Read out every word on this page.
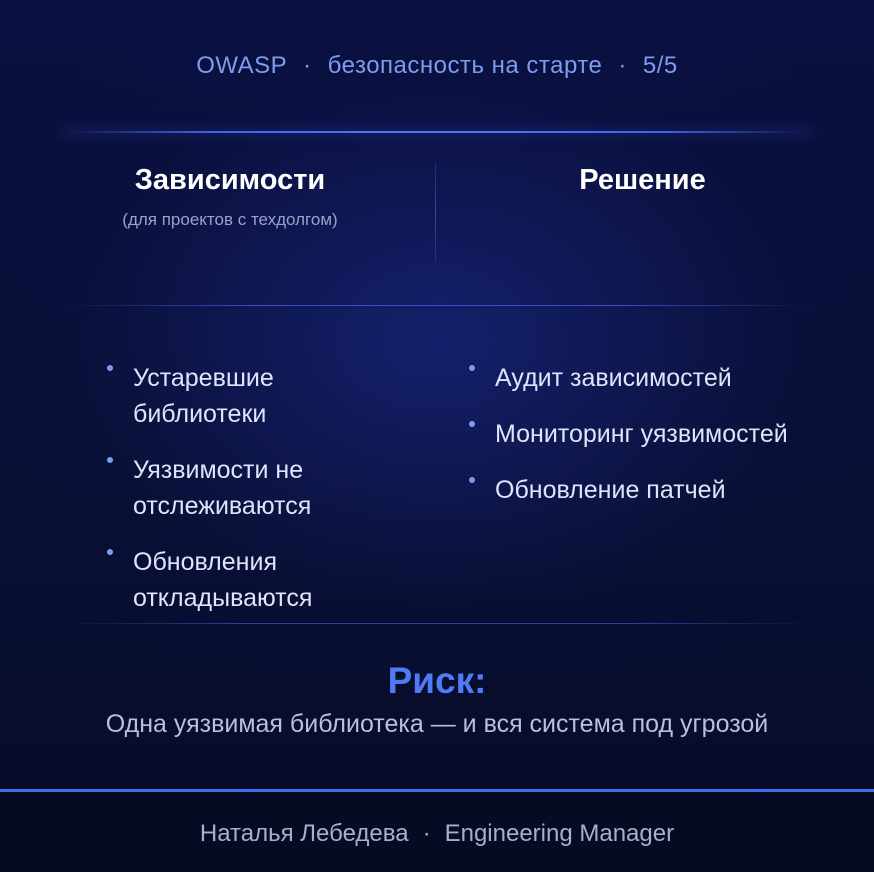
OWASP · безопасность на старте · 5/5
Зависимости
(для проектов с техдолгом)
Решение
Устаревшие библиотеки
Уязвимости не отслеживаются
Обновления откладываются
Аудит зависимостей
Мониторинг уязвимостей
Обновление патчей
Риск:
Одна уязвимая библиотека — и вся система под угрозой
Наталья Лебедева · Engineering Manager
